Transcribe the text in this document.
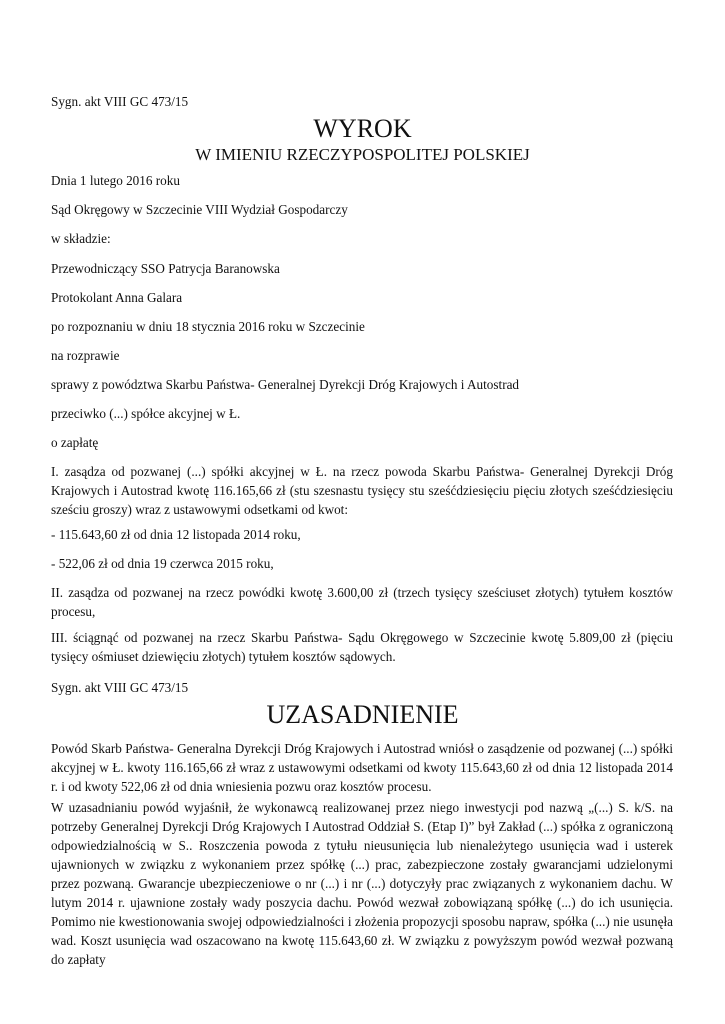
Sygn. akt VIII GC 473/15

WYROK

W IMIENIU RZECZYPOSPOLITEJ POLSKIEJ

Dnia 1 lutego 2016 roku

Sąd Okręgowy w Szczecinie VIII Wydział Gospodarczy

w składzie:

Przewodniczący SSO Patrycja Baranowska

Protokolant Anna Galara

po rozpoznaniu w dniu 18 stycznia 2016 roku w Szczecinie

na rozprawie

sprawy z powództwa Skarbu Państwa- Generalnej Dyrekcji Dróg Krajowych i Autostrad

przeciwko (...) spółce akcyjnej w Ł.

o zapłatę

I. zasądza od pozwanej (...) spółki akcyjnej w Ł. na rzecz powoda Skarbu Państwa- Generalnej Dyrekcji Dróg Krajowych i Autostrad kwotę 116.165,66 zł (stu szesnastu tysięcy stu sześćdziesięciu pięciu złotych sześćdziesięciu sześciu groszy) wraz z ustawowymi odsetkami od kwot:

- 115.643,60 zł od dnia 12 listopada 2014 roku,

- 522,06 zł od dnia 19 czerwca 2015 roku,

II. zasądza od pozwanej na rzecz powódki kwotę 3.600,00 zł (trzech tysięcy sześciuset złotych) tytułem kosztów procesu,

III. ściągnąć od pozwanej na rzecz Skarbu Państwa- Sądu Okręgowego w Szczecinie kwotę 5.809,00 zł (pięciu tysięcy ośmiuset dziewięciu złotych) tytułem kosztów sądowych.

Sygn. akt VIII GC 473/15

UZASADNIENIE

Powód Skarb Państwa- Generalna Dyrekcji Dróg Krajowych i Autostrad wniósł o zasądzenie od pozwanej (...) spółki akcyjnej w Ł. kwoty 116.165,66 zł wraz z ustawowymi odsetkami od kwoty 115.643,60 zł od dnia 12 listopada 2014 r. i od kwoty 522,06 zł od dnia wniesienia pozwu oraz kosztów procesu.

W uzasadnianiu powód wyjaśnił, że wykonawcą realizowanej przez niego inwestycji pod nazwą „(...) S. k/S. na potrzeby Generalnej Dyrekcji Dróg Krajowych I Autostrad Oddział S. (Etap I)” był Zakład (...) spółka z ograniczoną odpowiedzialnością w S.. Roszczenia powoda z tytułu nieusunięcia lub nienależytego usunięcia wad i usterek ujawnionych w związku z wykonaniem przez spółkę (...) prac, zabezpieczone zostały gwarancjami udzielonymi przez pozwaną. Gwarancje ubezpieczeniowe o nr (...) i nr (...) dotyczyły prac związanych z wykonaniem dachu. W lutym 2014 r. ujawnione zostały wady poszycia dachu. Powód wezwał zobowiązaną spółkę (...) do ich usunięcia. Pomimo nie kwestionowania swojej odpowiedzialności i złożenia propozycji sposobu napraw, spółka (...) nie usunęła wad. Koszt usunięcia wad oszacowano na kwotę 115.643,60 zł. W związku z powyższym powód wezwał pozwaną do zapłaty
